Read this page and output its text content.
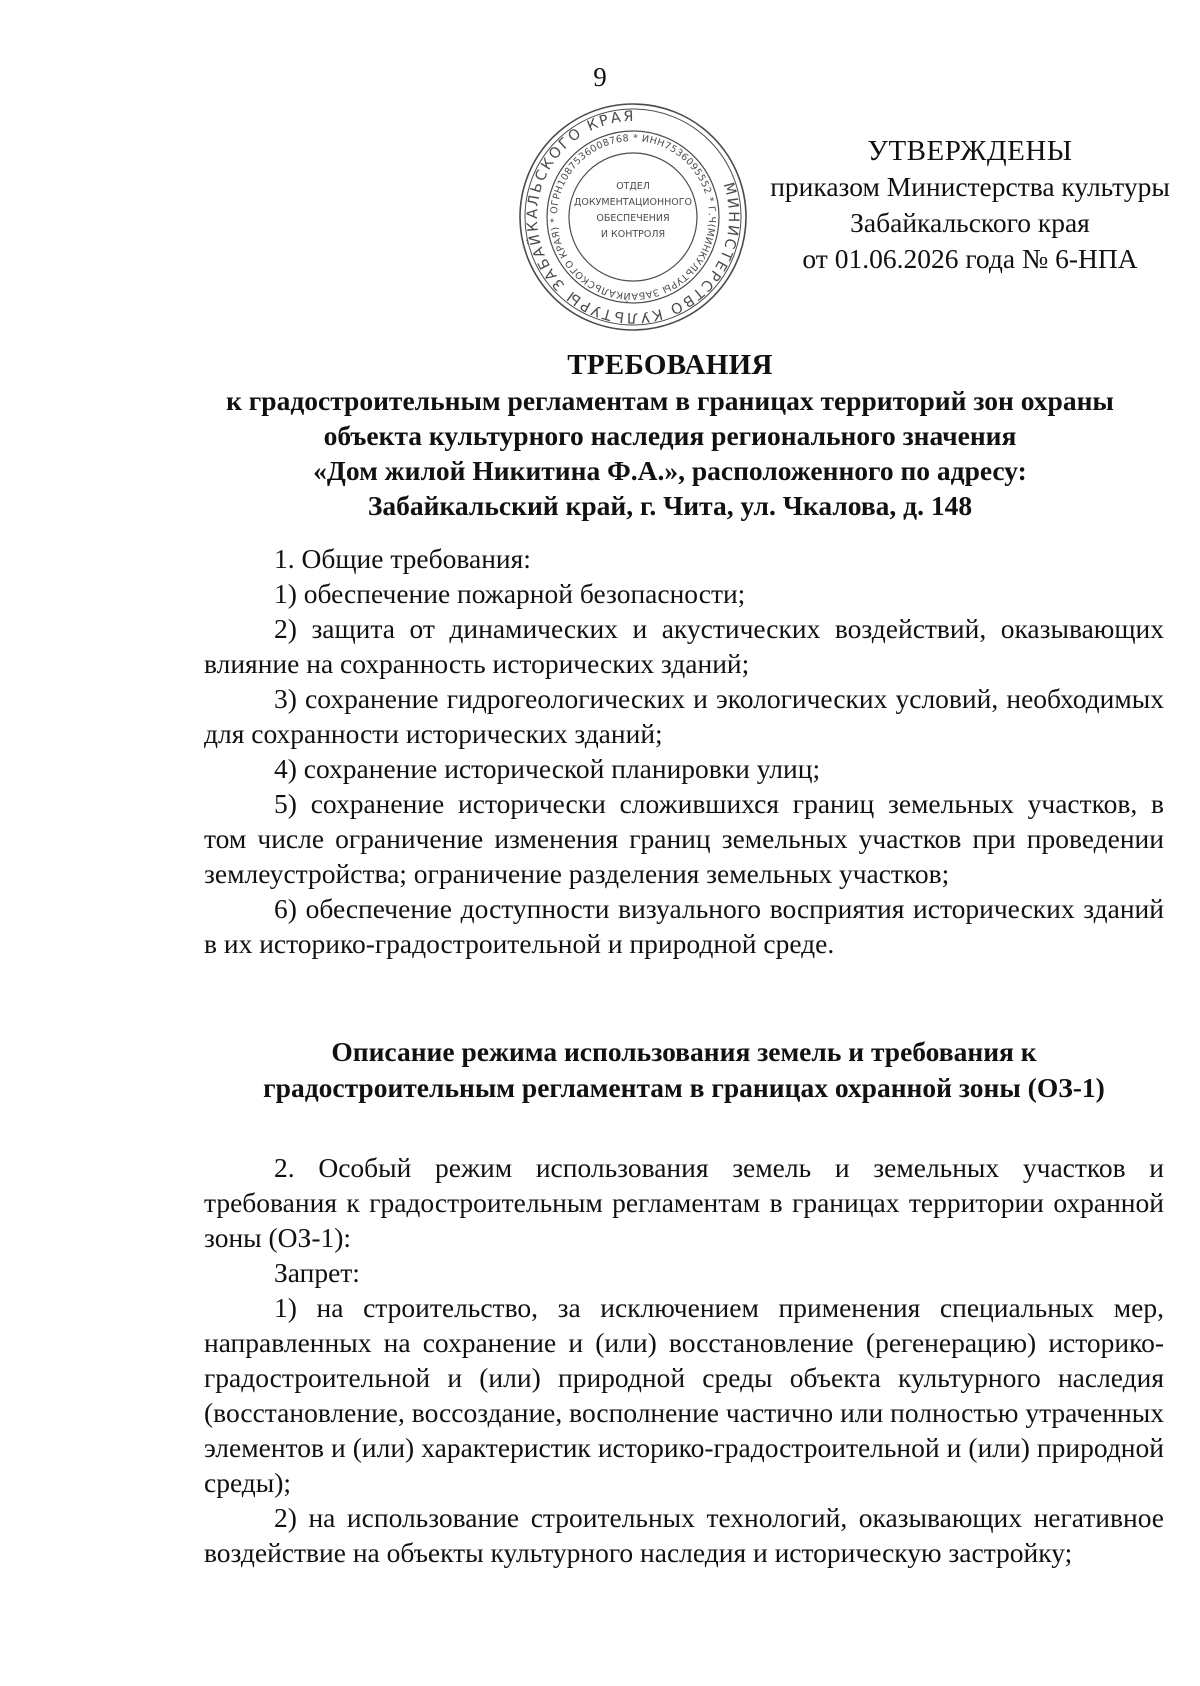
9
МИНИСТЕРСТВО КУЛЬТУРЫ ЗАБАЙКАЛЬСКОГО КРАЯ
(МИНКУЛЬТУРЫ ЗАБАЙКАЛЬСКОГО КРАЯ) * ОГРН1087536008768 * ИНН7536095552 * Г.ЧИТА
ОТДЕЛ
ДОКУМЕНТАЦИОННОГО
ОБЕСПЕЧЕНИЯ
И КОНТРОЛЯ
УТВЕРЖДЕНЫ
приказом Министерства культуры
Забайкальского края
от 01.06.2026 года № 6-НПА
ТРЕБОВАНИЯ
к градостроительным регламентам в границах территорий зон охраны
объекта культурного наследия регионального значения
«Дом жилой Никитина Ф.А.», расположенного по адресу:
Забайкальский край, г. Чита, ул. Чкалова, д. 148

1. Общие требования:

1) обеспечение пожарной безопасности;

2) защита от динамических и акустических воздействий, оказывающих влияние на сохранность исторических зданий;

3) сохранение гидрогеологических и экологических условий, необходимых для сохранности исторических зданий;

4) сохранение исторической планировки улиц;

5) сохранение исторически сложившихся границ земельных участков, в том числе ограничение изменения границ земельных участков при проведении землеустройства; ограничение разделения земельных участков;

6) обеспечение доступности визуального восприятия исторических зданий в их историко-градостроительной и природной среде.

Описание режима использования земель и требования к
градостроительным регламентам в границах охранной зоны (ОЗ-1)

2. Особый режим использования земель и земельных участков и требования к градостроительным регламентам в границах территории охранной зоны (ОЗ-1):

Запрет:

1) на строительство, за исключением применения специальных мер, направленных на сохранение и (или) восстановление (регенерацию) историко-градостроительной и (или) природной среды объекта культурного наследия (восстановление, воссоздание, восполнение частично или полностью утраченных элементов и (или) характеристик историко-градостроительной и (или) природной среды);

2) на использование строительных технологий, оказывающих негативное воздействие на объекты культурного наследия и историческую застройку;
